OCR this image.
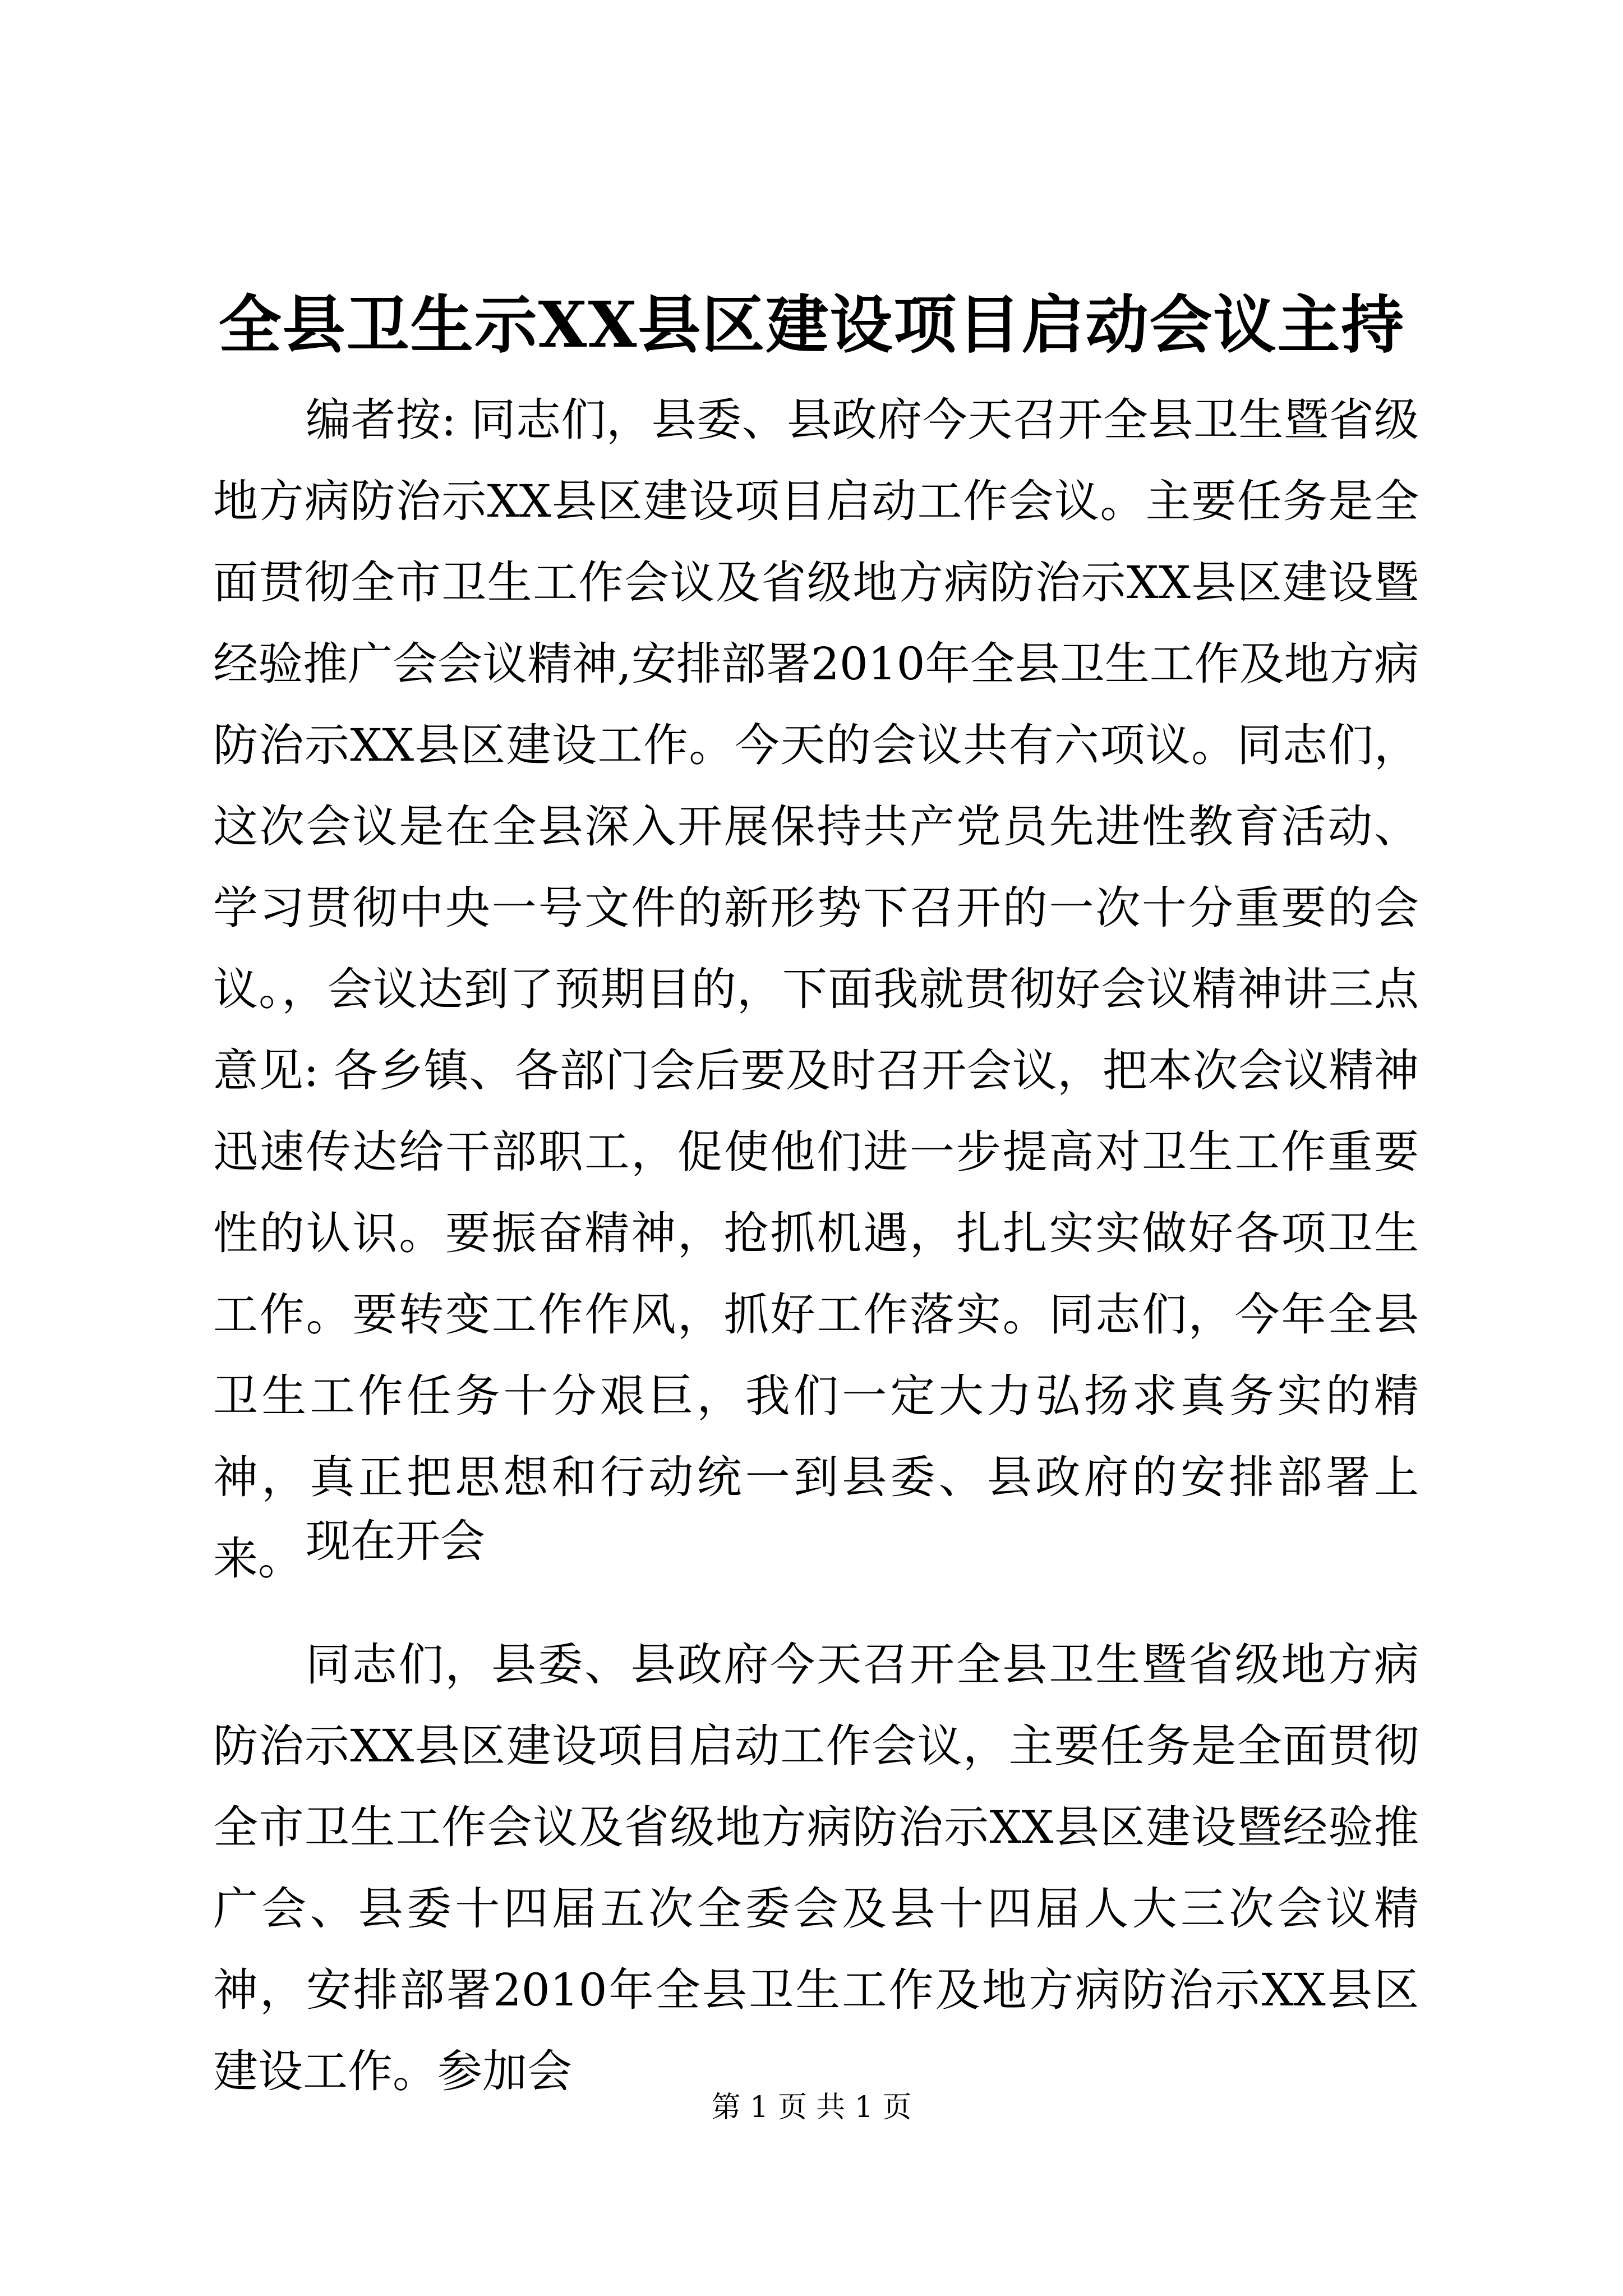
全县卫生示XX县区建设项目启动会议主持

编者按: 同志们，县委、县政府今天召开全县卫生暨省级地方病防治示XX县区建设项目启动工作会议。主要任务是全面贯彻全市卫生工作会议及省级地方病防治示XX县区建设暨经验推广会会议精神,安排部署2010年全县卫生工作及地方病防治示XX县区建设工作。今天的会议共有六项议。同志们，这次会议是在全县深入开展保持共产党员先进性教育活动、学习贯彻中央一号文件的新形势下召开的一次十分重要的会议。，会议达到了预期目的，下面我就贯彻好会议精神讲三点意见: 各乡镇、各部门会后要及时召开会议，把本次会议精神迅速传达给干部职工，促使他们进一步提高对卫生工作重要性的认识。要振奋精神，抢抓机遇，扎扎实实做好各项卫生工作。要转变工作作风，抓好工作落实。同志们，今年全县卫生工作任务十分艰巨，我们一定大力弘扬求真务实的精神，真正把思想和行动统一到县委、县政府的安排部署上来。 现在开会

同志们，县委、县政府今天召开全县卫生暨省级地方病防治示XX县区建设项目启动工作会议，主要任务是全面贯彻全市卫生工作会议及省级地方病防治示XX县区建设暨经验推广会、县委十四届五次全委会及县十四届人大三次会议精神，安排部署2010年全县卫生工作及地方病防治示XX县区建设工作。参加会

第 1 页 共 1 页
